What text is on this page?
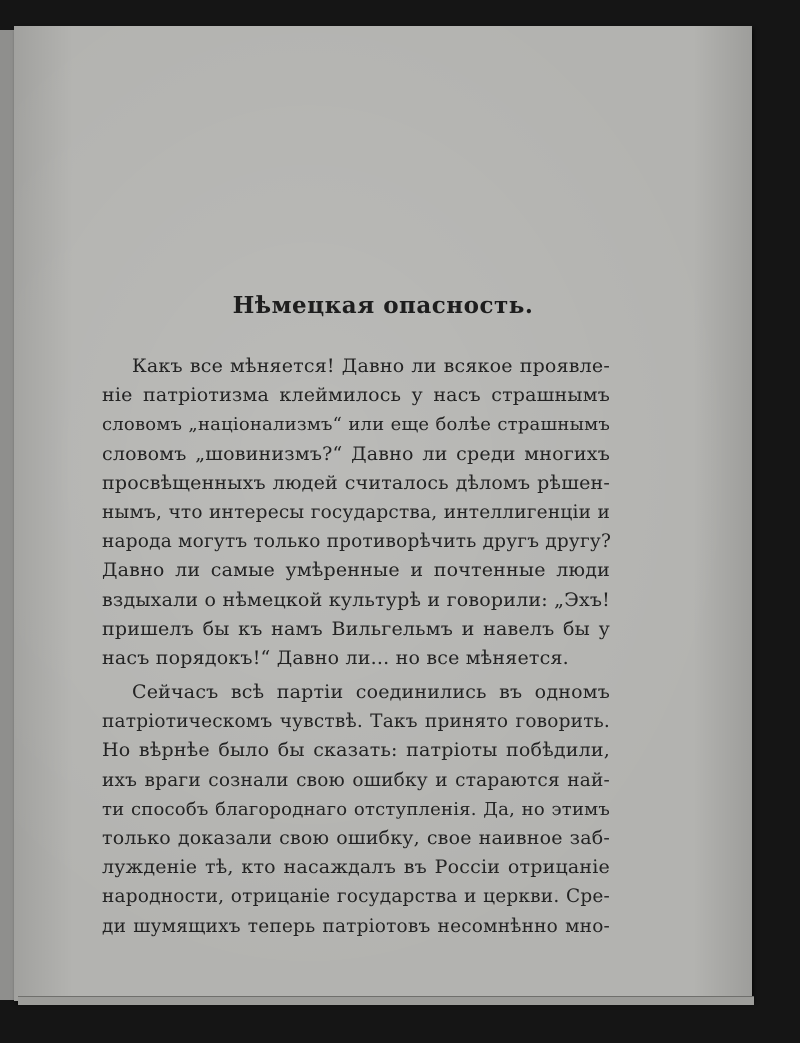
Нѣмецкая опасность.

Какъ все мѣняется! Давно ли всякое проявле-
нiе патрiотизма клеймилось у насъ страшнымъ
словомъ „нацiонализмъ“ или еще болѣе страшнымъ
словомъ „шовинизмъ?“ Давно ли среди многихъ
просвѣщенныхъ людей считалось дѣломъ рѣшен-
нымъ, что интересы государства, интеллигенцiи и
народа могутъ только противорѣчить другъ другу?
Давно ли самые умѣренные и почтенные люди
вздыхали о нѣмецкой культурѣ и говорили: „Эхъ!
пришелъ бы къ намъ Вильгельмъ и навелъ бы у
насъ порядокъ!“ Давно ли... но все мѣняется.

Сейчасъ всѣ партiи соединились въ одномъ
патрiотическомъ чувствѣ. Такъ принято говорить.
Но вѣрнѣе было бы сказать: патрiоты побѣдили,
ихъ враги сознали свою ошибку и стараются най-
ти способъ благороднаго отступленiя. Да, но этимъ
только доказали свою ошибку, свое наивное заб-
лужденiе тѣ, кто насаждалъ въ Россiи отрицанiе
народности, отрицанiе государства и церкви. Сре-
ди шумящихъ теперь патрiотовъ несомнѣнно мно-
